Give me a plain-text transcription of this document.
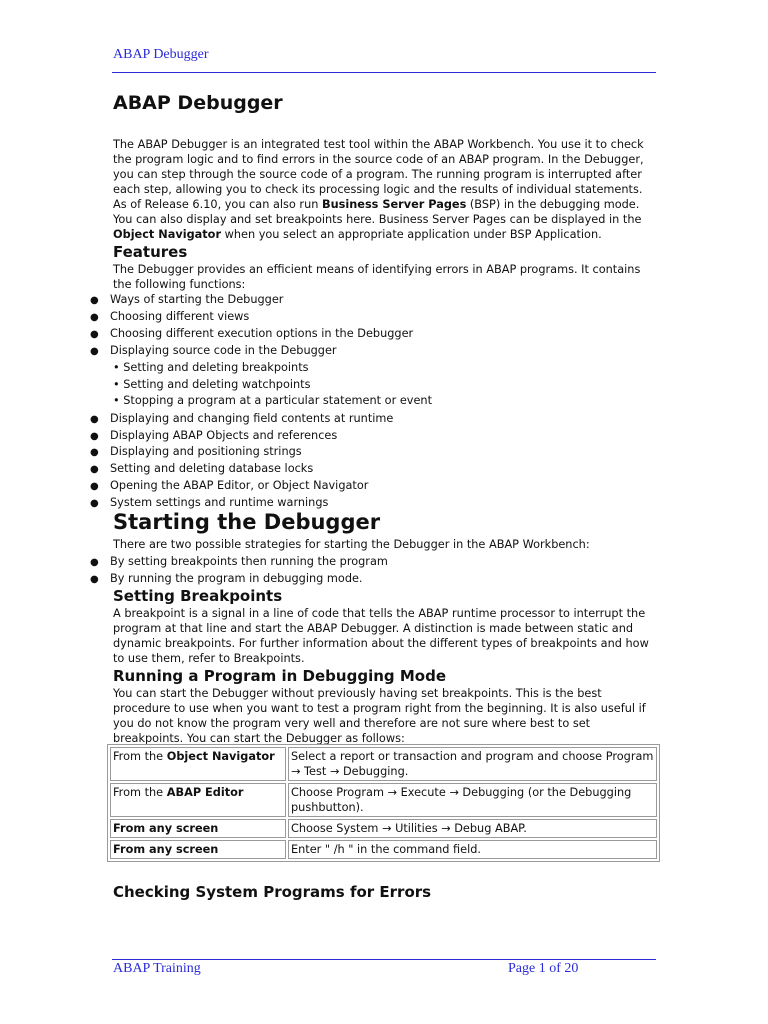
ABAP Debugger
ABAP Debugger
The ABAP Debugger is an integrated test tool within the ABAP Workbench. You use it to check
the program logic and to find errors in the source code of an ABAP program. In the Debugger,
you can step through the source code of a program. The running program is interrupted after
each step, allowing you to check its processing logic and the results of individual statements.
As of Release 6.10, you can also run Business Server Pages (BSP) in the debugging mode.
You can also display and set breakpoints here. Business Server Pages can be displayed in the
Object Navigator when you select an appropriate application under BSP Application.
Features
The Debugger provides an efficient means of identifying errors in ABAP programs. It contains the following functions:
● Ways of starting the Debugger
● Choosing different views
● Choosing different execution options in the Debugger
● Displaying source code in the Debugger
• Setting and deleting breakpoints
• Setting and deleting watchpoints
• Stopping a program at a particular statement or event
● Displaying and changing field contents at runtime
● Displaying ABAP Objects and references
● Displaying and positioning strings
● Setting and deleting database locks
● Opening the ABAP Editor, or Object Navigator
● System settings and runtime warnings
Starting the Debugger
There are two possible strategies for starting the Debugger in the ABAP Workbench:
● By setting breakpoints then running the program
● By running the program in debugging mode.
Setting Breakpoints
A breakpoint is a signal in a line of code that tells the ABAP runtime processor to interrupt the program at that line and start the ABAP Debugger. A distinction is made between static and dynamic breakpoints. For further information about the different types of breakpoints and how to use them, refer to Breakpoints.
Running a Program in Debugging Mode
You can start the Debugger without previously having set breakpoints. This is the best procedure to use when you want to test a program right from the beginning. It is also useful if you do not know the program very well and therefore are not sure where best to set breakpoints. You can start the Debugger as follows:
From the Object Navigator	Select a report or transaction and program and choose Program → Test → Debugging.
From the ABAP Editor	Choose Program → Execute → Debugging (or the Debugging pushbutton).
From any screen	Choose System → Utilities → Debug ABAP.
From any screen	Enter " /h " in the command field.
Checking System Programs for Errors
ABAP Training	Page 1 of 20
